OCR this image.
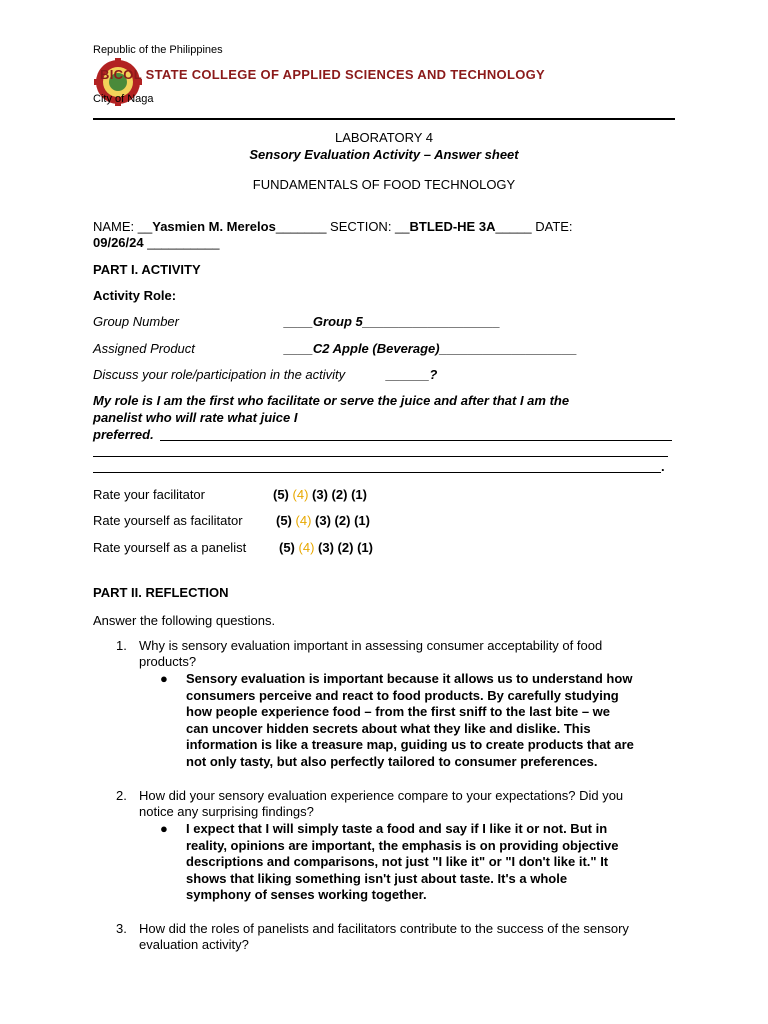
Republic of the Philippines
BICOL STATE COLLEGE OF APPLIED SCIENCES AND TECHNOLOGY
City of Naga
LABORATORY 4
Sensory Evaluation Activity – Answer sheet
FUNDAMENTALS OF FOOD TECHNOLOGY
NAME: __Yasmien M. Merelos_______ SECTION: __BTLED-HE 3A_____ DATE:
09/26/24 __________
PART I. ACTIVITY
Activity Role:
Group Number	____Group 5___________________
Assigned Product	____C2 Apple (Beverage)___________________
Discuss your role/participation in the activity	______?
My role is I am the first who facilitate or serve the juice and after that I am the
panelist who will rate what juice I
preferred.
.
Rate your facilitator	(5) (4) (3) (2) (1)
Rate yourself as facilitator	(5) (4) (3) (2) (1)
Rate yourself as a panelist	(5) (4) (3) (2) (1)
PART II. REFLECTION
Answer the following questions.
1. Why is sensory evaluation important in assessing consumer acceptability of food
products?
● Sensory evaluation is important because it allows us to understand how
consumers perceive and react to food products. By carefully studying
how people experience food – from the first sniff to the last bite – we
can uncover hidden secrets about what they like and dislike. This
information is like a treasure map, guiding us to create products that are
not only tasty, but also perfectly tailored to consumer preferences.
2. How did your sensory evaluation experience compare to your expectations? Did you
notice any surprising findings?
● I expect that I will simply taste a food and say if I like it or not. But in
reality, opinions are important, the emphasis is on providing objective
descriptions and comparisons, not just "I like it" or "I don't like it." It
shows that liking something isn't just about taste. It's a whole
symphony of senses working together.
3. How did the roles of panelists and facilitators contribute to the success of the sensory
evaluation activity?
